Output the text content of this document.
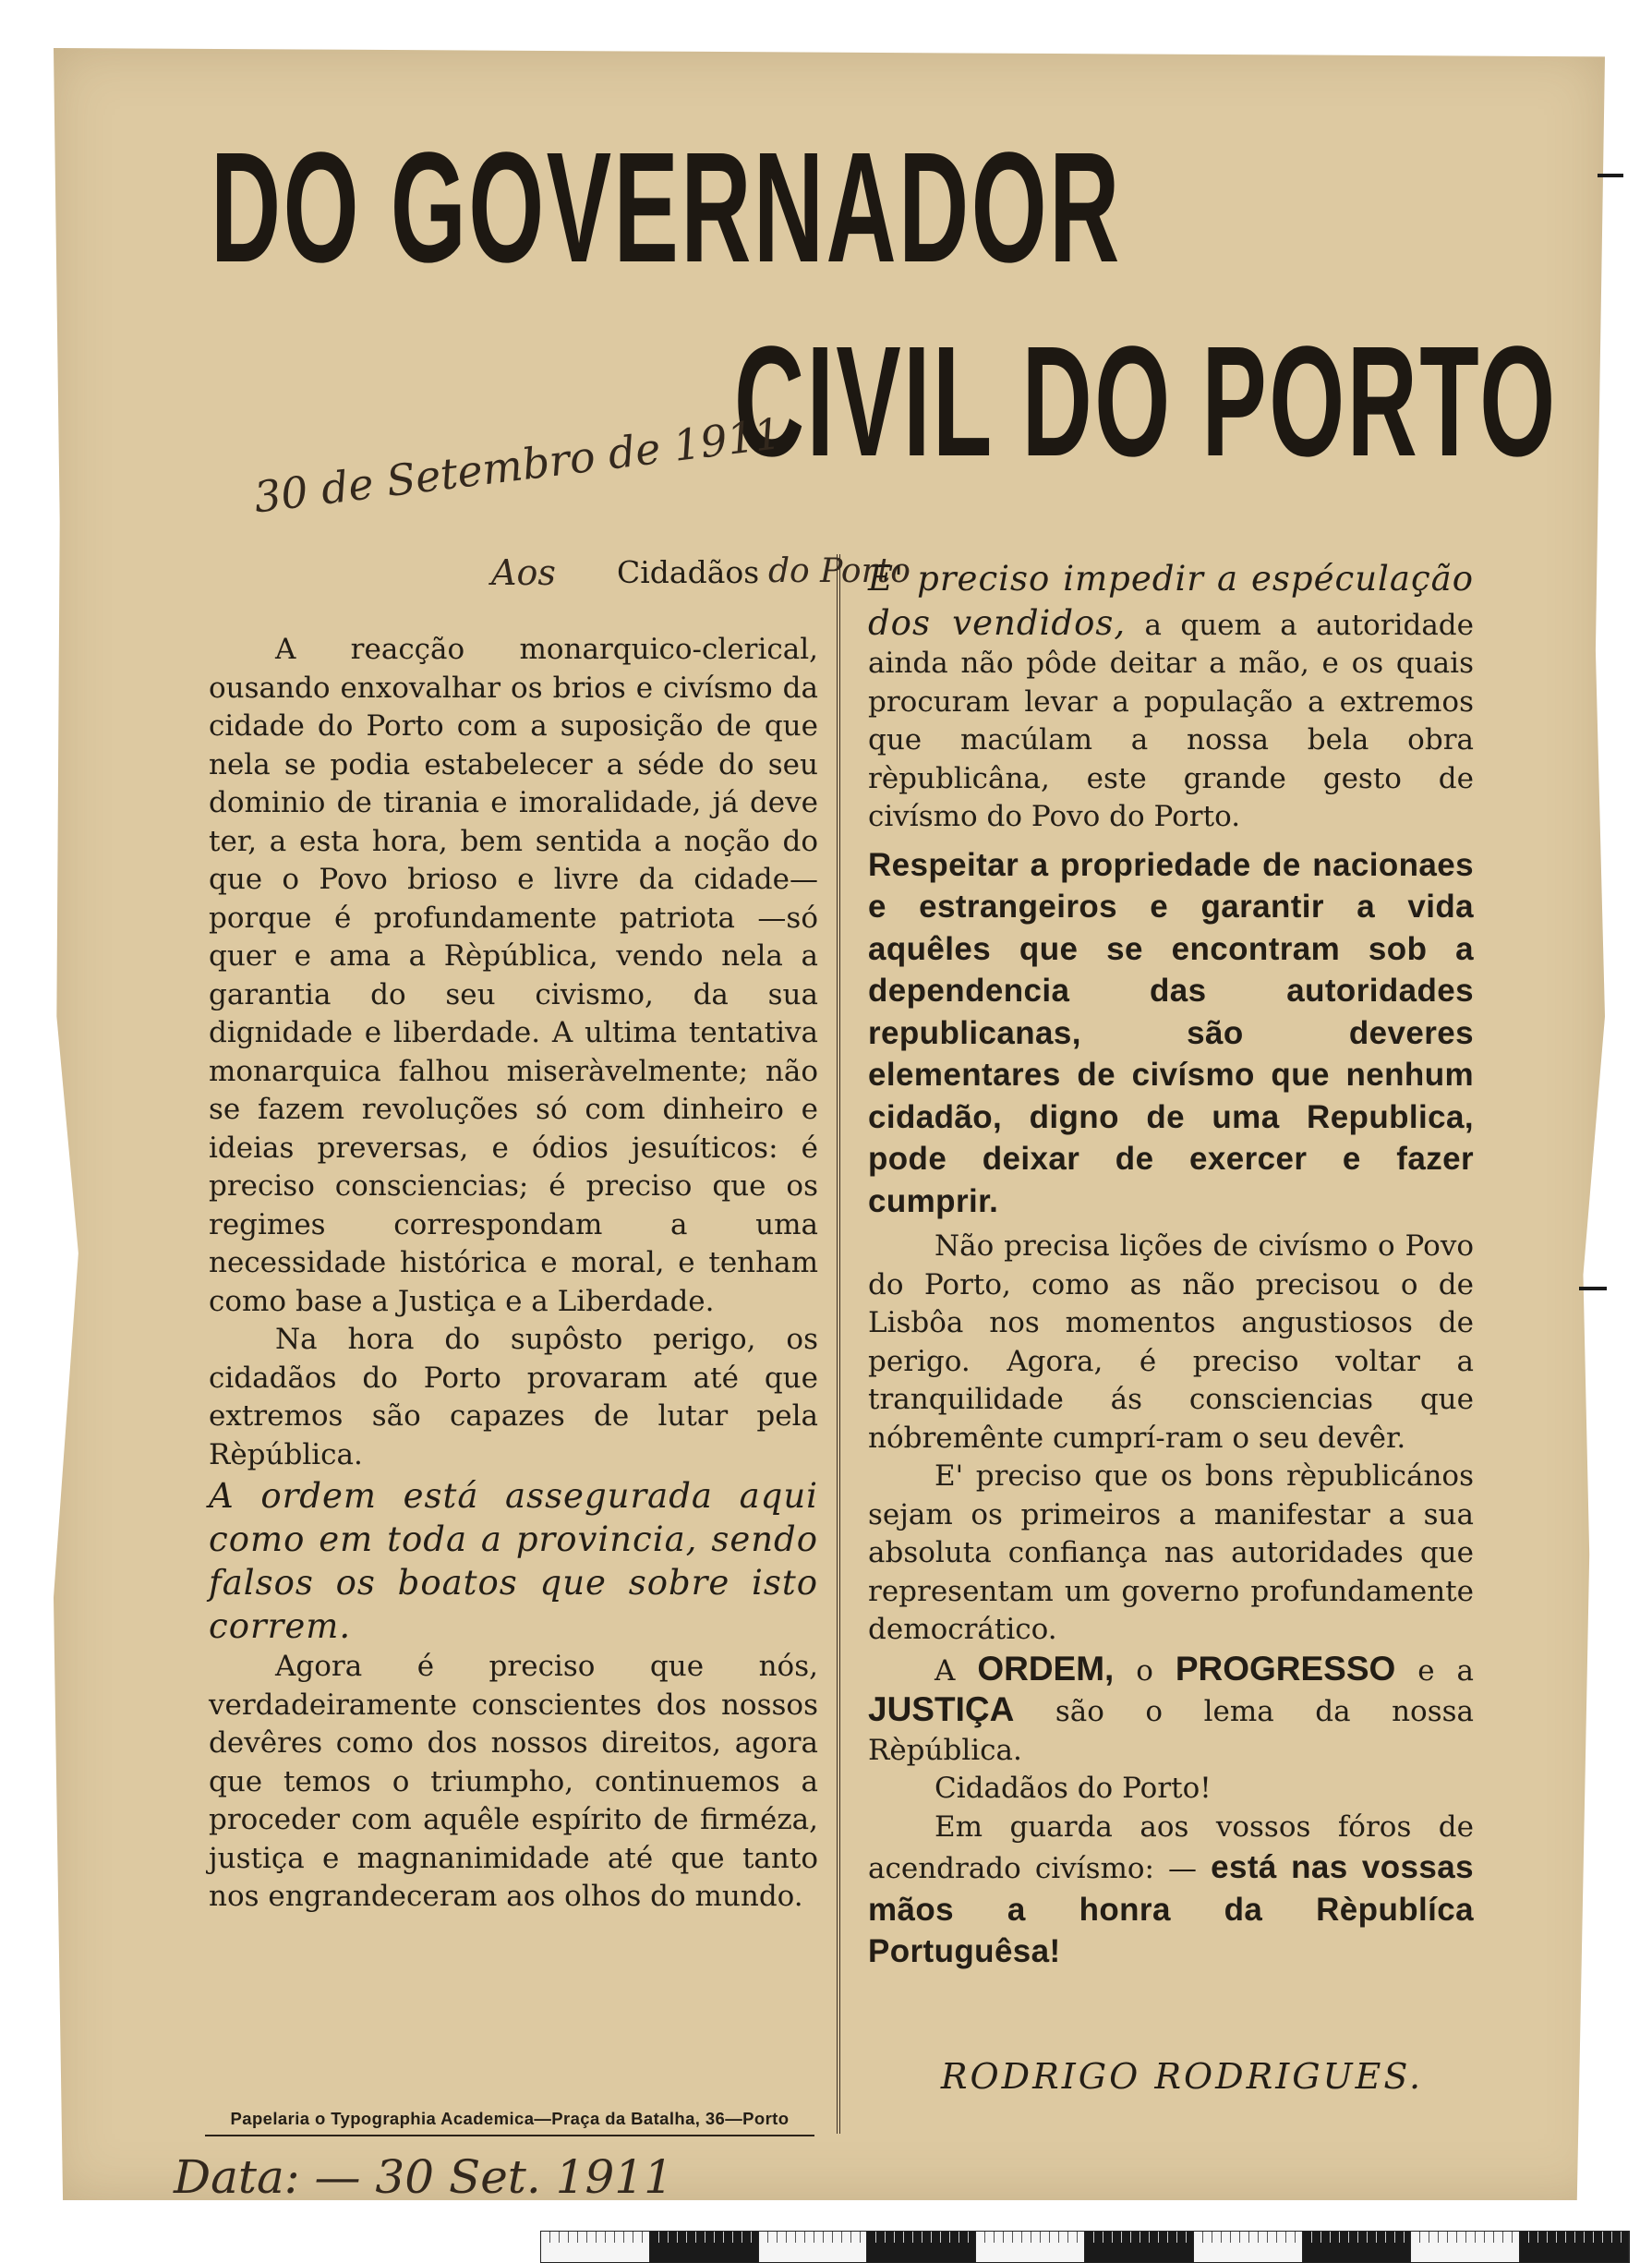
DO GOVERNADOR
CIVIL DO PORTO
30 de Setembro de 1911
Aos Cidadãos do Porto

A reacção monarquico-clerical, ousando enxovalhar os brios e civísmo da cidade do Porto com a suposição de que nela se podia estabelecer a séde do seu dominio de tirania e imoralidade, já deve ter, a esta hora, bem sentida a noção do que o Povo brioso e livre da cidade—porque é profundamente patriota —só quer e ama a Rèpública, vendo nela a garantia do seu civismo, da sua dignidade e liberdade. A ultima tentativa monarquica falhou miseràvelmente; não se fazem revoluções só com dinheiro e ideias preversas, e ódios jesuíticos: é preciso consciencias; é preciso que os regimes correspondam a uma necessidade histórica e moral, e tenham como base a Justiça e a Liberdade.

Na hora do supôsto perigo, os cidadãos do Porto provaram até que extremos são capazes de lutar pela Rèpública.

A ordem está assegurada aqui como em toda a provincia, sendo falsos os boatos que sobre isto correm.

Agora é preciso que nós, verdadeiramente conscientes dos nossos devêres como dos nossos direitos, agora que temos o triumpho, continuemos a proceder com aquêle espírito de firméza, justiça e magnanimidade até que tanto nos engrandeceram aos olhos do mundo.

E' preciso impedir a espéculação dos vendidos, a quem a autoridade ainda não pôde deitar a mão, e os quais procuram levar a população a extremos que macúlam a nossa bela obra rèpublicâna, este grande gesto de civísmo do Povo do Porto.

Respeitar a propriedade de nacionaes e estrangeiros e garantir a vida aquêles que se encontram sob a dependencia das autoridades republicanas, são deveres elementares de civísmo que nenhum cidadão, digno de uma Republica, pode deixar de exercer e fazer cumprir.

Não precisa lições de civísmo o Povo do Porto, como as não precisou o de Lisbôa nos momentos angustiosos de perigo. Agora, é preciso voltar a tranquilidade ás consciencias que nóbremênte cumprí-ram o seu devêr.

E' preciso que os bons rèpublicános sejam os primeiros a manifestar a sua absoluta confiança nas autoridades que representam um governo profundamente democrático.

A ORDEM, o PROGRESSO e a JUSTIÇA são o lema da nossa Rèpública.

Cidadãos do Porto!

Em guarda aos vossos fóros de acendrado civísmo: — está nas vossas mãos a honra da Rèpublíca Portuguêsa!

RODRIGO RODRIGUES.
Papelaria o Typographia Academica—Praça da Batalha, 36—Porto
Data: — 30 Set. 1911
